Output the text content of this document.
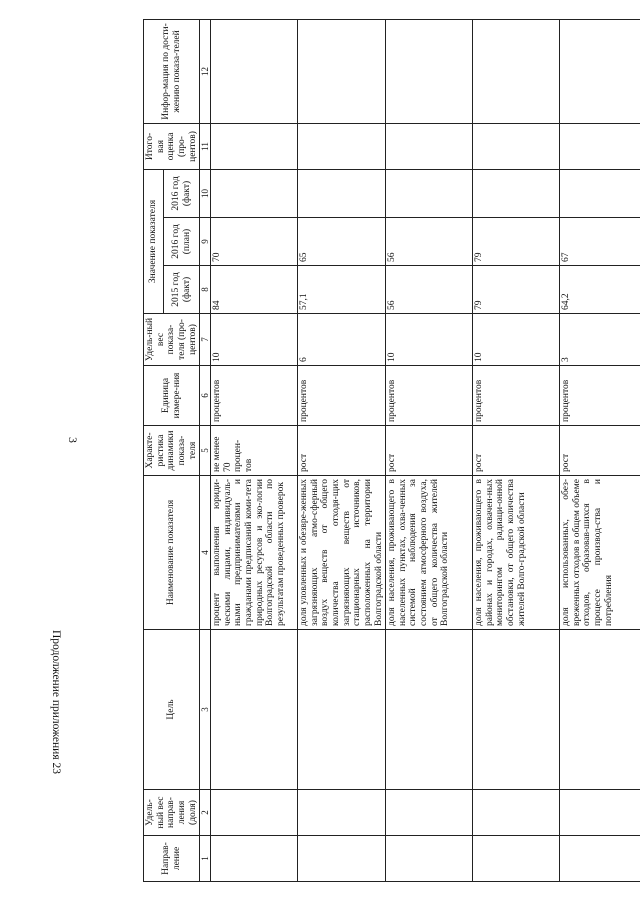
3
Продолжение приложения 23
Направ-ление	Удель-ный вес направ-ления (доля)	Цель	Наименование показателя	Характе-ристика динамики показа-теля	Единица измере-ния	Удель-ный вес показа-теля (про-центов)	Значение показателя			Итого-вая оценка (про-центов)	Инфор-мация по дости-жению показа-телей
							2015 год (факт)	2016 год (план)	2016 год (факт)		
1	2	3	4	5	6	7	8	9	10	11	12
			процент выполнения юриди-ческими лицами, индивидуаль-ными предпринимателями и гражданами предписаний коми-тета природных ресурсов и эко-логии Волгоградской области по результатам проведенных проверок	не менее 70 процен-тов	процентов	10	84	70			
			доля уловленных и обезвре-женных загрязняющих атмо-сферный воздух веществ от общего количества отходя-щих загрязняющих веществ от стационарных источников, расположенных на территории Волгоградской области	рост	процентов	6	57,1	65			
			доля населения, проживающего в населенных пунктах, охва-ченных системой наблюдения за состоянием атмосферного воздуха, от общего количества жителей Волгоградской области	рост	процентов	10	56	56			
			доля населения, проживающего в районах и городах, охвачен-ных мониторингом радиаци-онной обстановки, от общего количества жителей Волго-градской области	рост	процентов	10	79	79			
			доля использованных, обез-вреженных отходов в общем объеме отходов, образовав-шихся в процессе производ-ства и потребления	рост	процентов	3	64,2	67			
